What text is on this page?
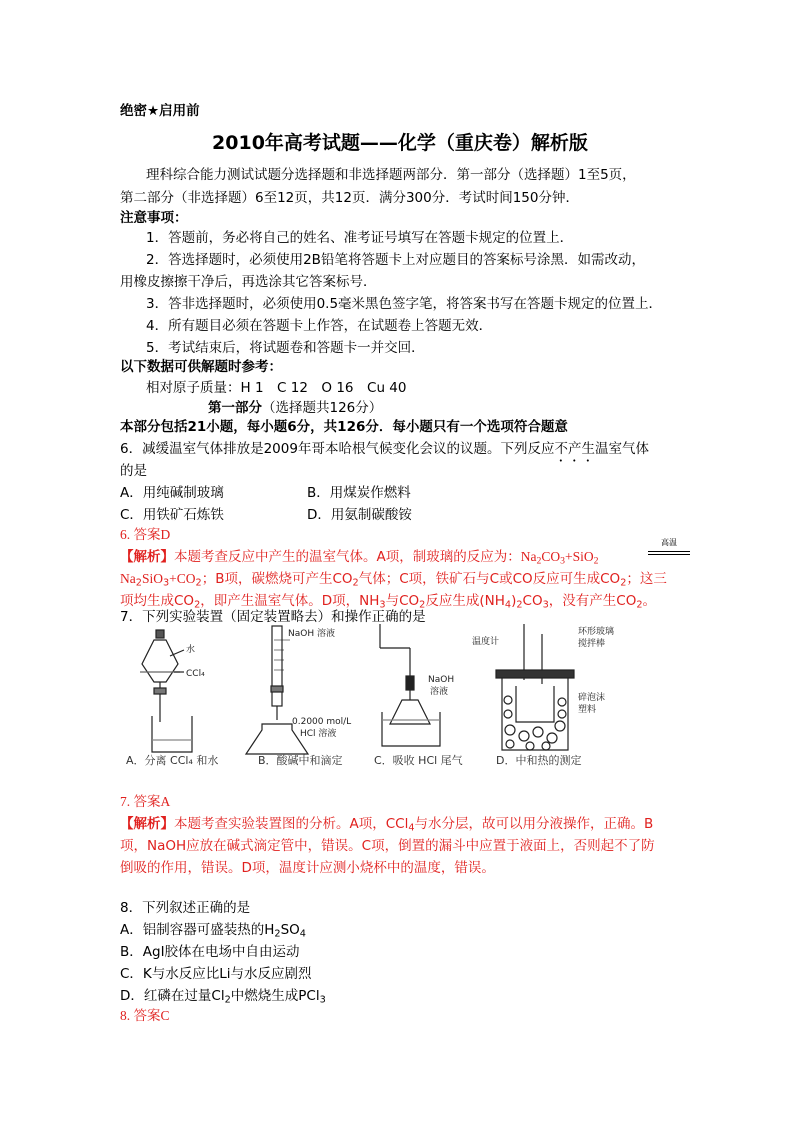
绝密★启用前
2010年高考试题——化学（重庆卷）解析版
理科综合能力测试试题分选择题和非选择题两部分．第一部分（选择题）1至5页，
第二部分（非选择题）6至12页，共12页．满分300分．考试时间150分钟．
注意事项：
1．答题前，务必将自己的姓名、准考证号填写在答题卡规定的位置上．
2．答选择题时，必须使用2B铅笔将答题卡上对应题目的答案标号涂黑．如需改动，
用橡皮擦擦干净后，再选涂其它答案标号．
3．答非选择题时，必须使用0.5毫米黑色签字笔，将答案书写在答题卡规定的位置上．
4．所有题目必须在答题卡上作答，在试题卷上答题无效．
5．考试结束后，将试题卷和答题卡一并交回．
以下数据可供解题时参考：
相对原子质量：H 1　C 12　O 16　Cu 40
第一部分（选择题共126分）
本部分包括21小题，每小题6分，共126分．每小题只有一个选项符合题意
6．减缓温室气体排放是2009年哥本哈根气候变化会议的议题。下列反应不产生温室气体
的是
A．用纯碱制玻璃	B．用煤炭作燃料
C．用铁矿石炼铁	D．用氨制碳酸铵
6. 答案D
【解析】本题考查反应中产生的温室气体。A项，制玻璃的反应为：$Na_2CO_3+SiO_2$
高温
$Na_2SiO_3+CO_2$；B项，碳燃烧可产生$CO_2$气体；C项，铁矿石与C或CO反应可生成$CO_2$；这三
项均生成$CO_2$，即产生温室气体。D项，$NH_3$与$CO_2$反应生成$(NH_4)_2CO_3$，没有产生$CO_2$。
7．下列实验装置（固定装置略去）和操作正确的是
水
CCl₄
A．分离 CCl₄ 和水
NaOH 溶液
0.2000 mol/L
HCl 溶液
B．酸碱中和滴定
NaOH
溶液
C．吸收 HCl 尾气
温度计
环形玻璃
搅拌棒
碎泡沫
塑料
D．中和热的测定
7. 答案A
【解析】本题考查实验装置图的分析。A项，CCl$_4$与水分层，故可以用分液操作，正确。B
项，NaOH应放在碱式滴定管中，错误。C项，倒置的漏斗中应置于液面上，否则起不了防
倒吸的作用，错误。D项，温度计应测小烧杯中的温度，错误。
8．下列叙述正确的是
A．铝制容器可盛装热的$H_2SO_4$
B．AgI胶体在电场中自由运动
C．K与水反应比Li与水反应剧烈
D．红磷在过量$Cl_2$中燃烧生成PCl$_3$
8. 答案C
